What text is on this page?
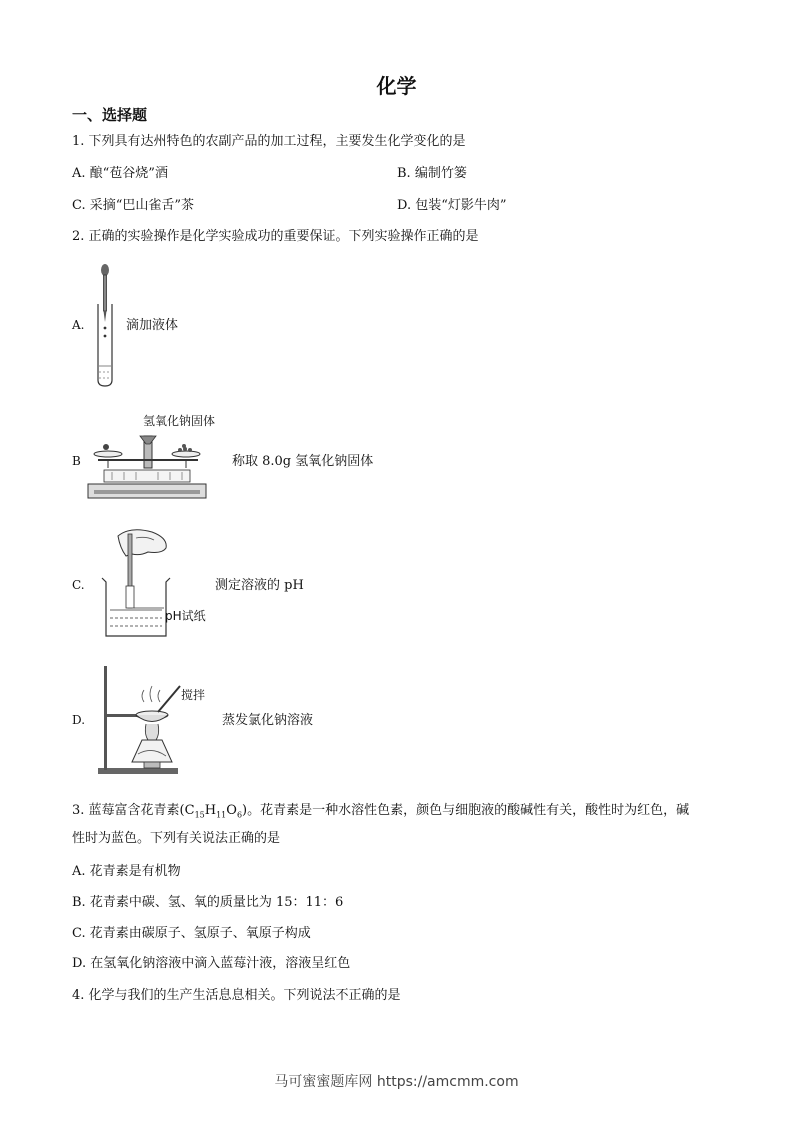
化学
一、选择题
1. 下列具有达州特色的农副产品的加工过程，主要发生化学变化的是
A. 酿“苞谷烧”酒	B. 编制竹篓
C. 采摘“巴山雀舌”茶	D. 包装“灯影牛肉”
2. 正确的实验操作是化学实验成功的重要保证。下列实验操作正确的是
A.	滴加液体
B
氢氧化钠固体
称取 8.0g 氢氧化钠固体
C.
pH试纸
测定溶液的 pH
D.
搅拌
蒸发氯化钠溶液
3. 蓝莓富含花青素$(C_{15}H_{11}O_6)$。花青素是一种水溶性色素，颜色与细胞液的酸碱性有关，酸性时为红色，碱
性时为蓝色。下列有关说法正确的是
A. 花青素是有机物
B. 花青素中碳、氢、氧的质量比为 15：11：6
C. 花青素由碳原子、氢原子、氧原子构成
D. 在氢氧化钠溶液中滴入蓝莓汁液，溶液呈红色
4. 化学与我们的生产生活息息相关。下列说法不正确的是
马可蜜蜜题库网 https://amcmm.com
